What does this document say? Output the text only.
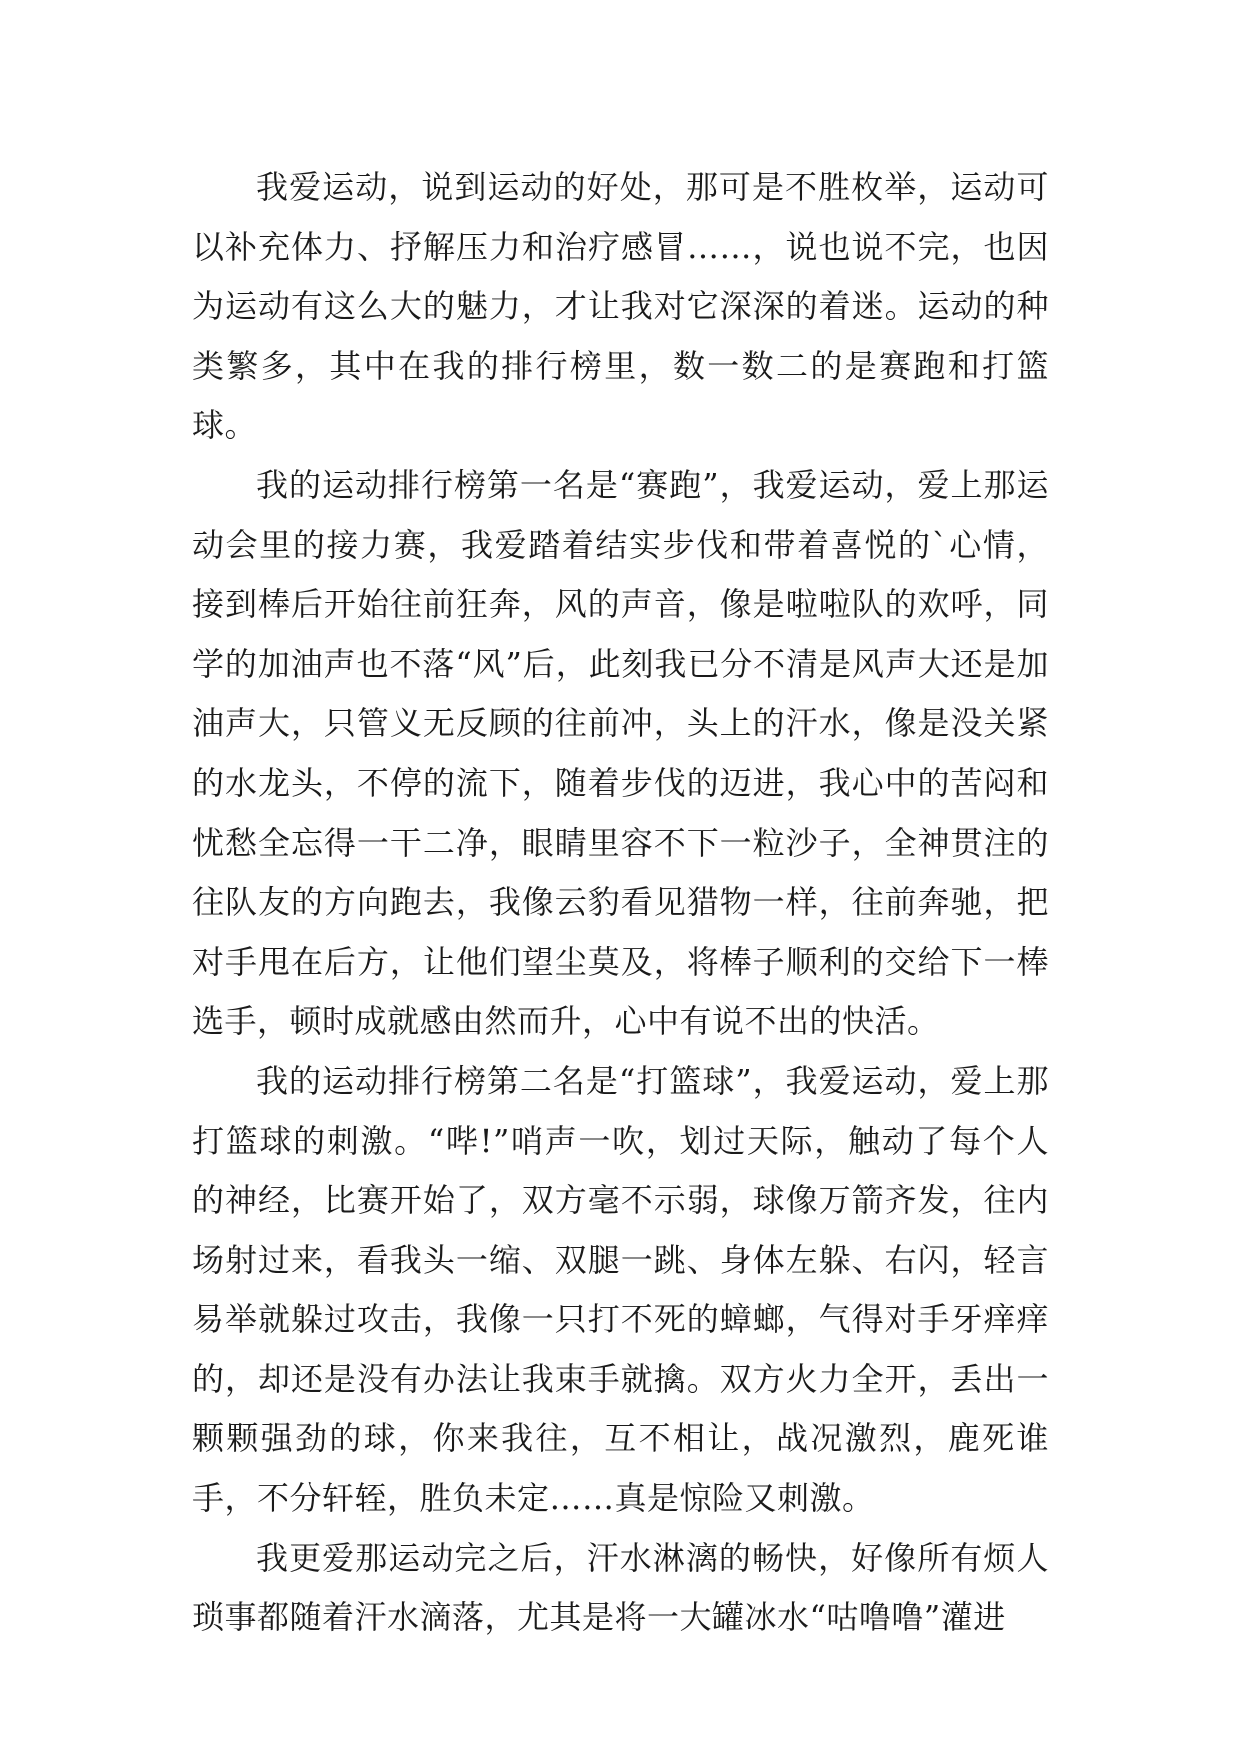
我爱运动，说到运动的好处，那可是不胜枚举，运动可以补充体力、抒解压力和治疗感冒……，说也说不完，也因为运动有这么大的魅力，才让我对它深深的着迷。运动的种类繁多，其中在我的排行榜里，数一数二的是赛跑和打篮球。

我的运动排行榜第一名是“赛跑”，我爱运动，爱上那运动会里的接力赛，我爱踏着结实步伐和带着喜悦的`心情，接到棒后开始往前狂奔，风的声音，像是啦啦队的欢呼，同学的加油声也不落“风”后，此刻我已分不清是风声大还是加油声大，只管义无反顾的往前冲，头上的汗水，像是没关紧的水龙头，不停的流下，随着步伐的迈进，我心中的苦闷和忧愁全忘得一干二净，眼睛里容不下一粒沙子，全神贯注的往队友的方向跑去，我像云豹看见猎物一样，往前奔驰，把对手甩在后方，让他们望尘莫及，将棒子顺利的交给下一棒选手，顿时成就感由然而升，心中有说不出的快活。

我的运动排行榜第二名是“打篮球”，我爱运动，爱上那打篮球的刺激。“哔!”哨声一吹，划过天际，触动了每个人的神经，比赛开始了，双方毫不示弱，球像万箭齐发，往内场射过来，看我头一缩、双腿一跳、身体左躲、右闪，轻言易举就躲过攻击，我像一只打不死的蟑螂，气得对手牙痒痒的，却还是没有办法让我束手就擒。双方火力全开，丢出一颗颗强劲的球，你来我往，互不相让，战况激烈，鹿死谁手，不分轩轾，胜负未定……真是惊险又刺激。

我更爱那运动完之后，汗水淋漓的畅快，好像所有烦人琐事都随着汗水滴落，尤其是将一大罐冰水“咕噜噜”灌进
